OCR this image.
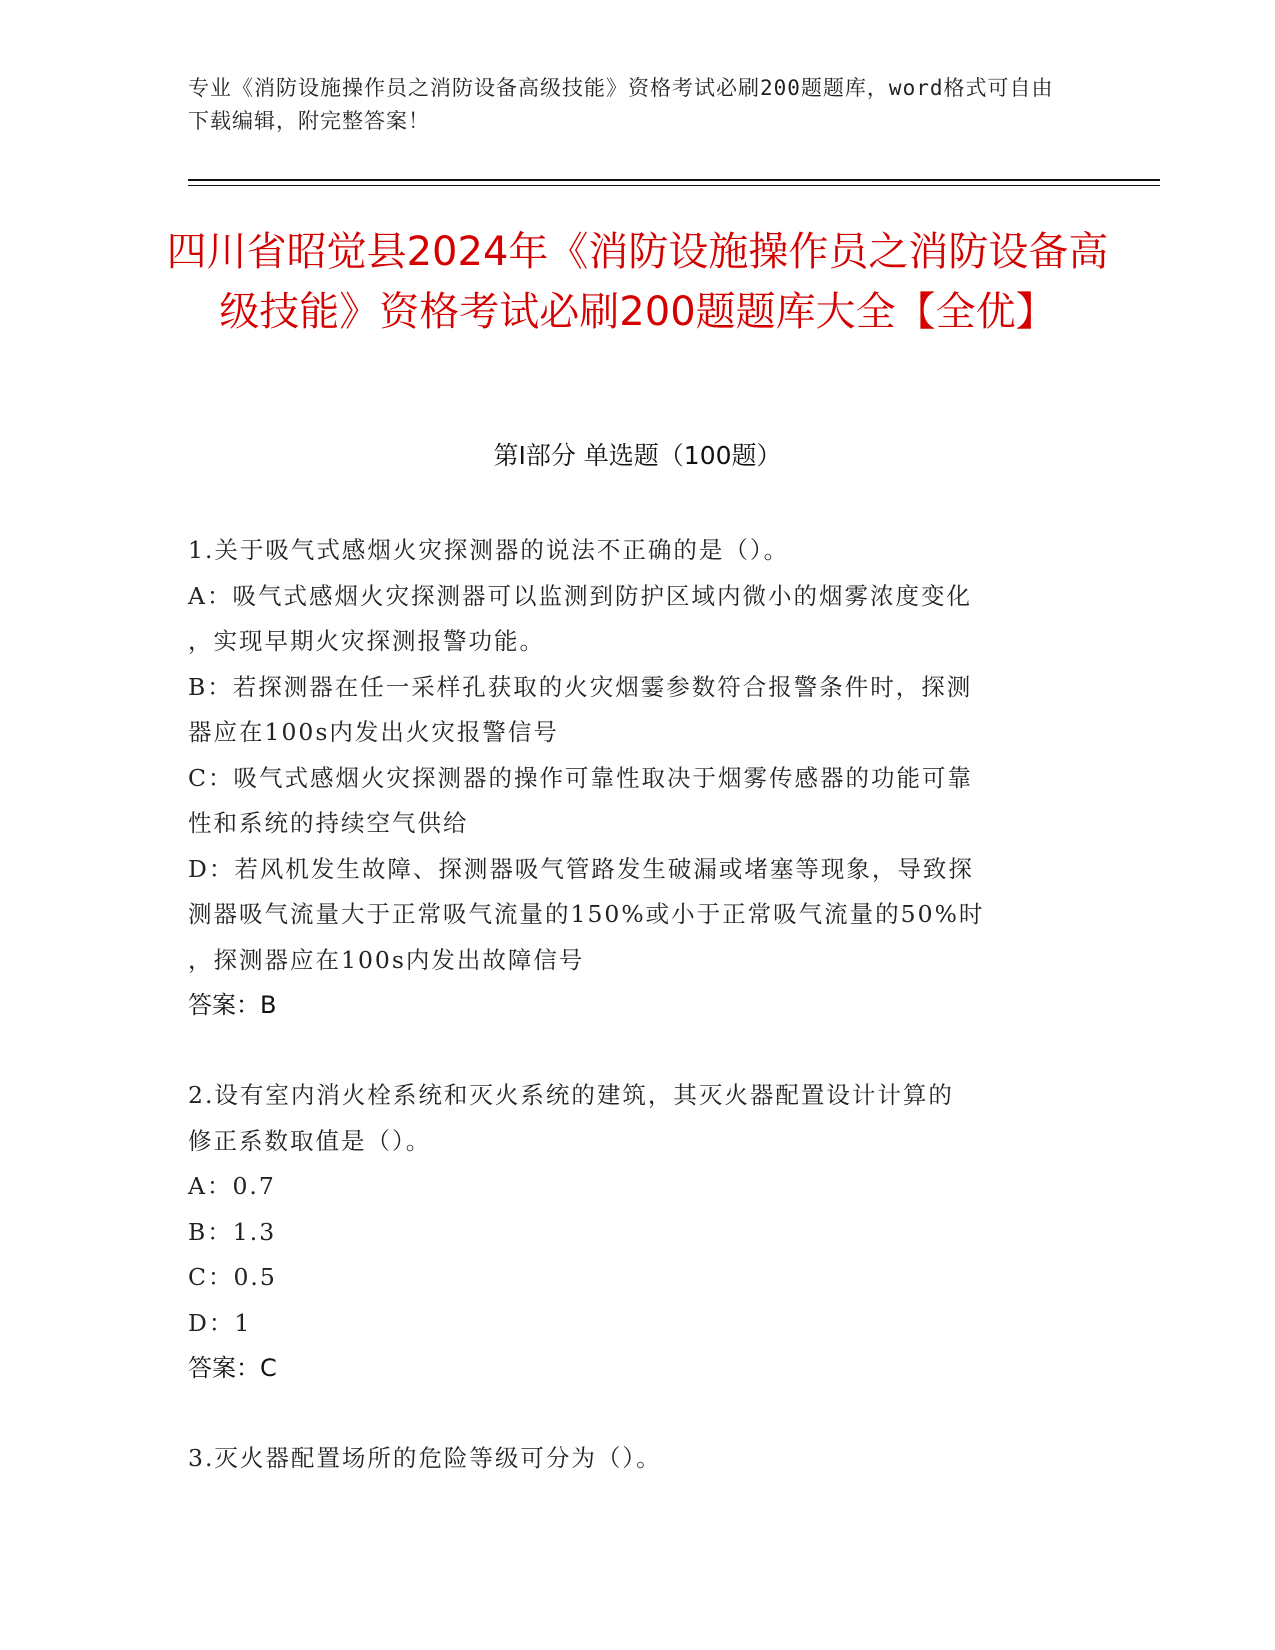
专业《消防设施操作员之消防设备高级技能》资格考试必刷200题题库，word格式可自由下载编辑，附完整答案！
四川省昭觉县2024年《消防设施操作员之消防设备高级技能》资格考试必刷200题题库大全【全优】
第I部分 单选题（100题）
1.关于吸气式感烟火灾探测器的说法不正确的是（）。
A：吸气式感烟火灾探测器可以监测到防护区域内微小的烟雾浓度变化
，实现早期火灾探测报警功能。
B：若探测器在任一采样孔获取的火灾烟霎参数符合报警条件时，探测
器应在100s内发出火灾报警信号
C：吸气式感烟火灾探测器的操作可靠性取决于烟雾传感器的功能可靠
性和系统的持续空气供给
D：若风机发生故障、探测器吸气管路发生破漏或堵塞等现象，导致探
测器吸气流量大于正常吸气流量的150%或小于正常吸气流量的50%时
，探测器应在100s内发出故障信号
答案：B
2.设有室内消火栓系统和灭火系统的建筑，其灭火器配置设计计算的
修正系数取值是（）。
A：0.7
B：1.3
C：0.5
D：1
答案：C
3.灭火器配置场所的危险等级可分为（）。
